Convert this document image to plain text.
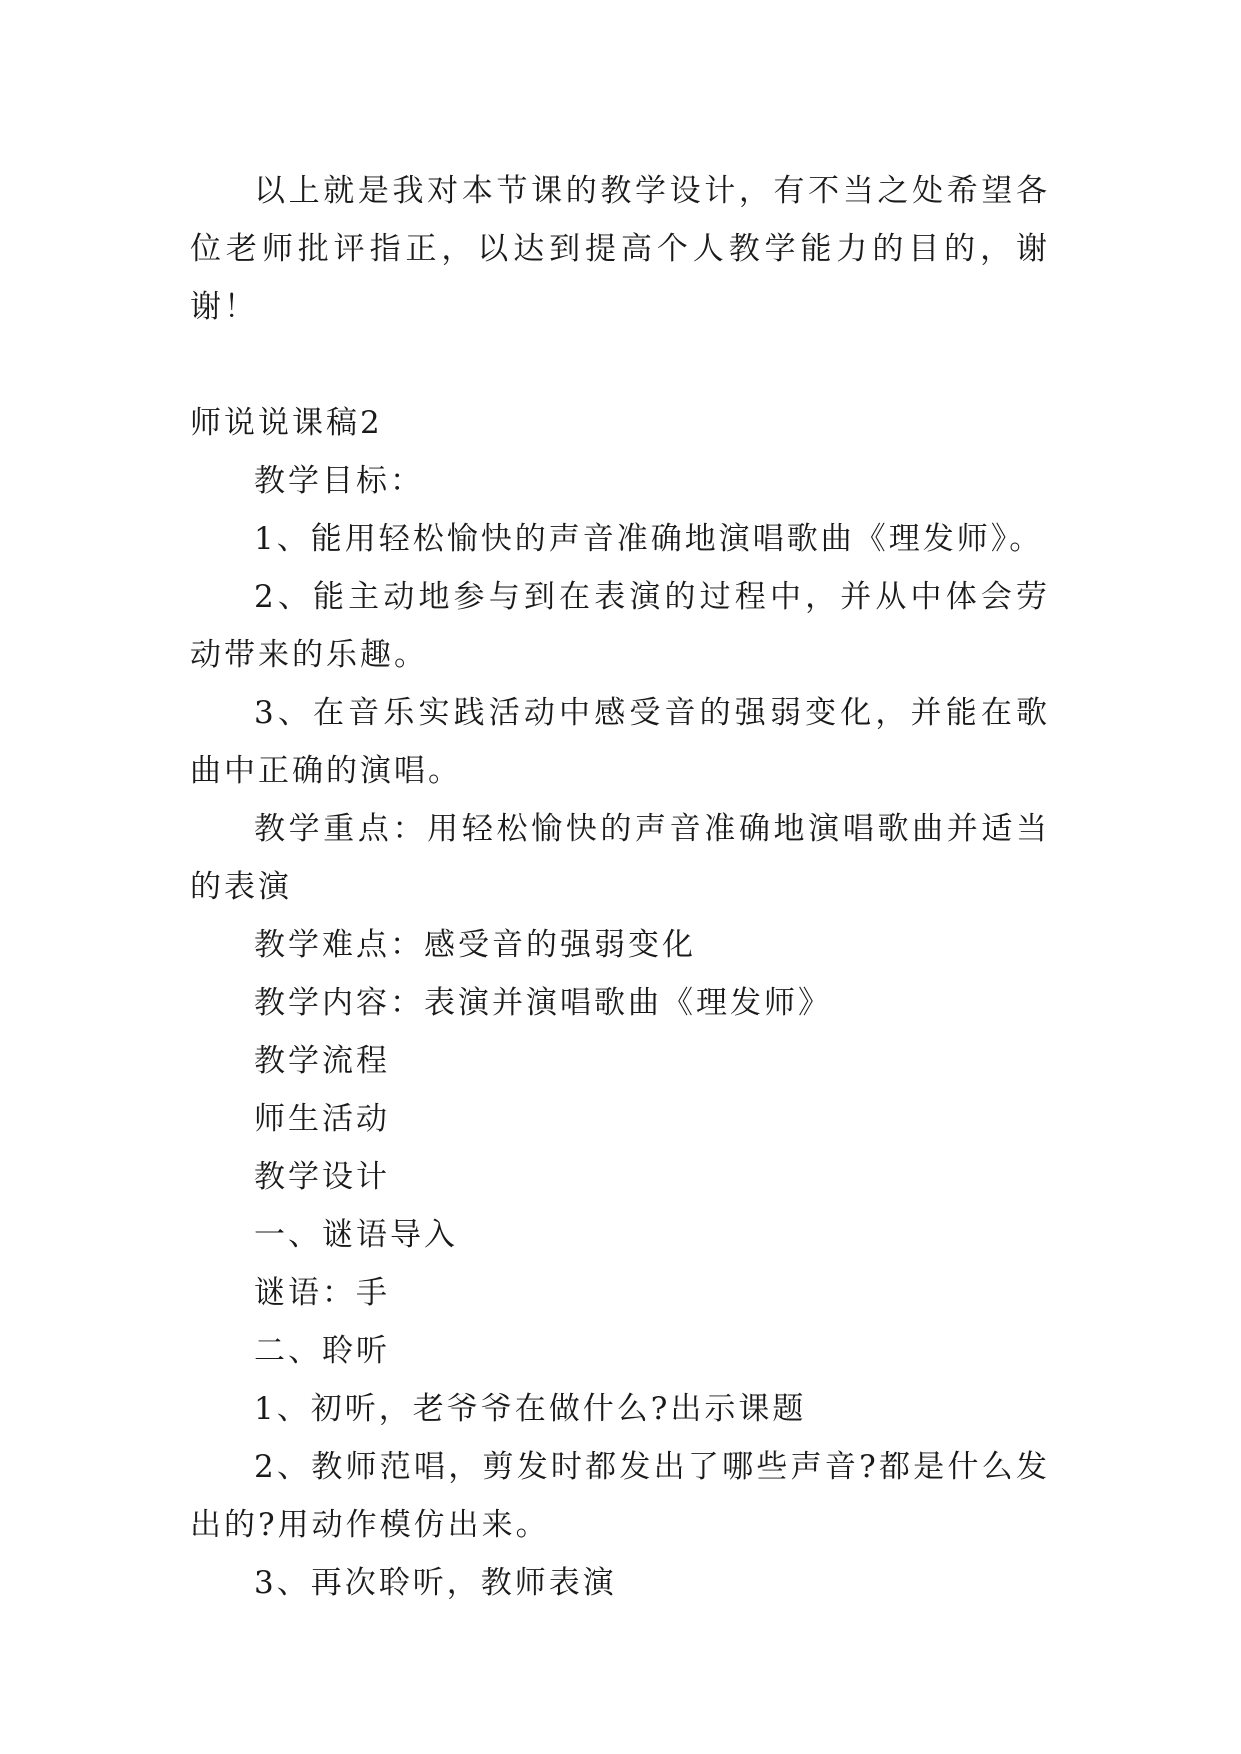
以上就是我对本节课的教学设计，有不当之处希望各位老师批评指正，以达到提高个人教学能力的目的，谢谢！

师说说课稿2

教学目标：

1、能用轻松愉快的声音准确地演唱歌曲《理发师》。

2、能主动地参与到在表演的过程中，并从中体会劳动带来的乐趣。

3、在音乐实践活动中感受音的强弱变化，并能在歌曲中正确的演唱。

教学重点：用轻松愉快的声音准确地演唱歌曲并适当的表演

教学难点：感受音的强弱变化

教学内容：表演并演唱歌曲《理发师》

教学流程

师生活动

教学设计

一、谜语导入

谜语：手

二、聆听

1、初听，老爷爷在做什么?出示课题

2、教师范唱，剪发时都发出了哪些声音?都是什么发出的?用动作模仿出来。

3、再次聆听，教师表演
